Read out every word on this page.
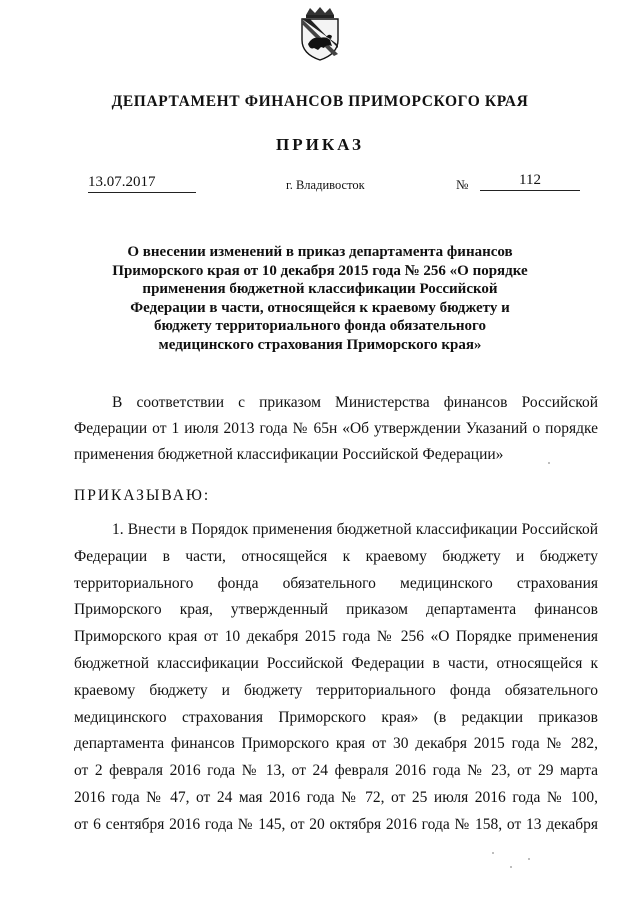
ДЕПАРТАМЕНТ ФИНАНСОВ ПРИМОРСКОГО КРАЯ
ПРИКАЗ
13.07.2017	г. Владивосток	№	112
О внесении изменений в приказ департамента финансов
Приморского края от 10 декабря 2015 года № 256 «О порядке
применения бюджетной классификации Российской
Федерации в части, относящейся к краевому бюджету и
бюджету территориального фонда обязательного
медицинского страхования Приморского края»
В соответствии с приказом Министерства финансов Российской
Федерации от 1 июля 2013 года № 65н «Об утверждении Указаний о порядке
применения бюджетной классификации Российской Федерации»
ПРИКАЗЫВАЮ:
1. Внести в Порядок применения бюджетной классификации Российской
Федерации в части, относящейся к краевому бюджету и бюджету
территориального фонда обязательного медицинского страхования
Приморского края, утвержденный приказом департамента финансов
Приморского края от 10 декабря 2015 года № 256 «О Порядке применения
бюджетной классификации Российской Федерации в части, относящейся к
краевому бюджету и бюджету территориального фонда обязательного
медицинского страхования Приморского края» (в редакции приказов
департамента финансов Приморского края от 30 декабря 2015 года № 282,
от 2 февраля 2016 года № 13, от 24 февраля 2016 года № 23, от 29 марта
2016 года № 47, от 24 мая 2016 года № 72, от 25 июля 2016 года № 100,
от 6 сентября 2016 года № 145, от 20 октября 2016 года № 158, от 13 декабря
